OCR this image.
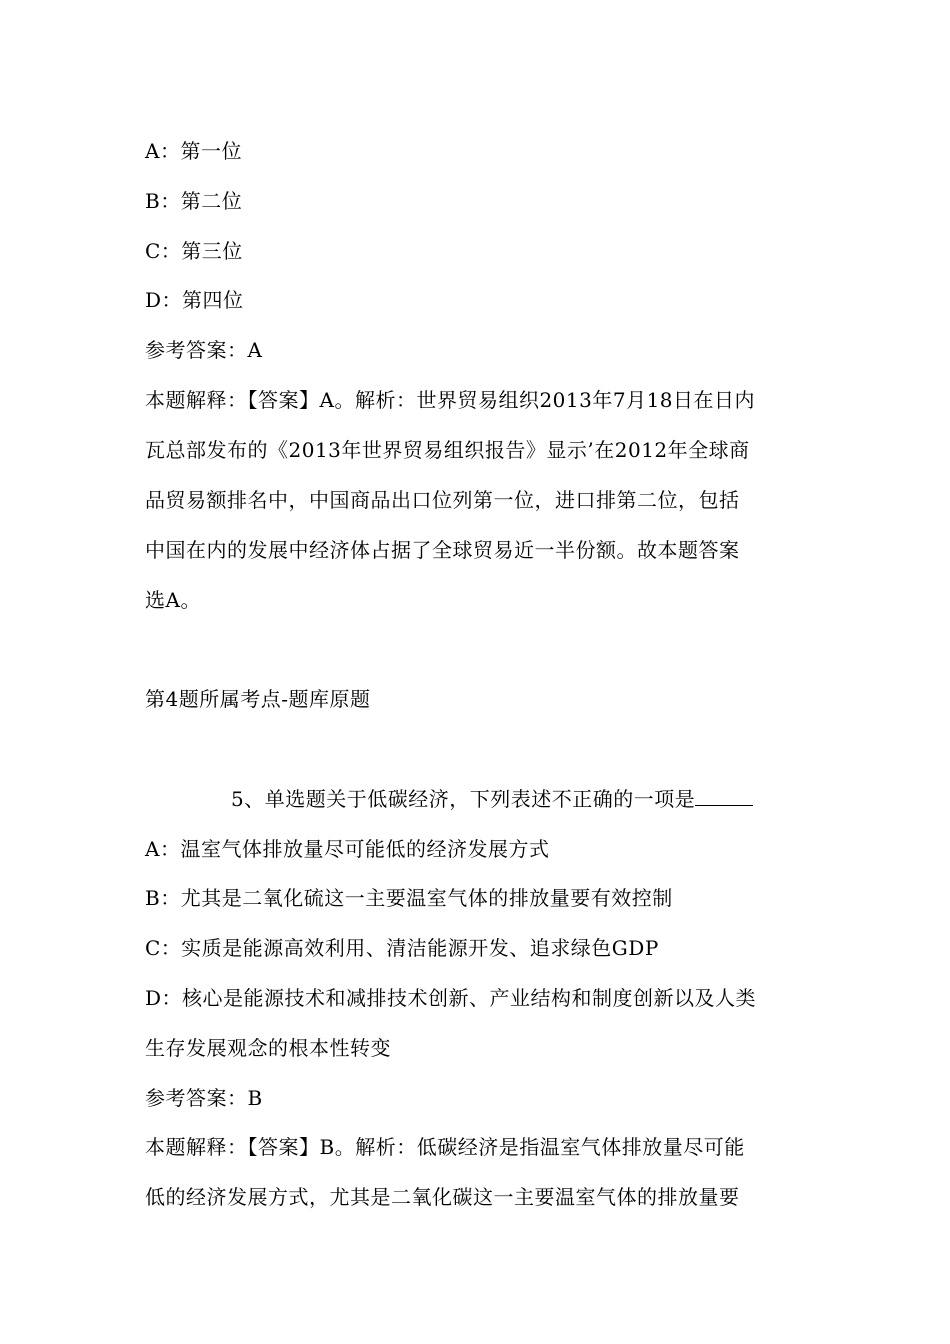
A：第一位
B：第二位
C：第三位
D：第四位
参考答案：A
本题解释：【答案】A。解析：世界贸易组织2013年7月18日在日内
瓦总部发布的《2013年世界贸易组织报告》显示’在2012年全球商
品贸易额排名中，中国商品出口位列第一位，进口排第二位，包括
中国在内的发展中经济体占据了全球贸易近一半份额。故本题答案
选A。
第4题所属考点-题库原题
5、单选题关于低碳经济，下列表述不正确的一项是
A：温室气体排放量尽可能低的经济发展方式
B：尤其是二氧化硫这一主要温室气体的排放量要有效控制
C：实质是能源高效利用、清洁能源开发、追求绿色GDP
D：核心是能源技术和减排技术创新、产业结构和制度创新以及人类
生存发展观念的根本性转变
参考答案：B
本题解释：【答案】B。解析：低碳经济是指温室气体排放量尽可能
低的经济发展方式，尤其是二氧化碳这一主要温室气体的排放量要
